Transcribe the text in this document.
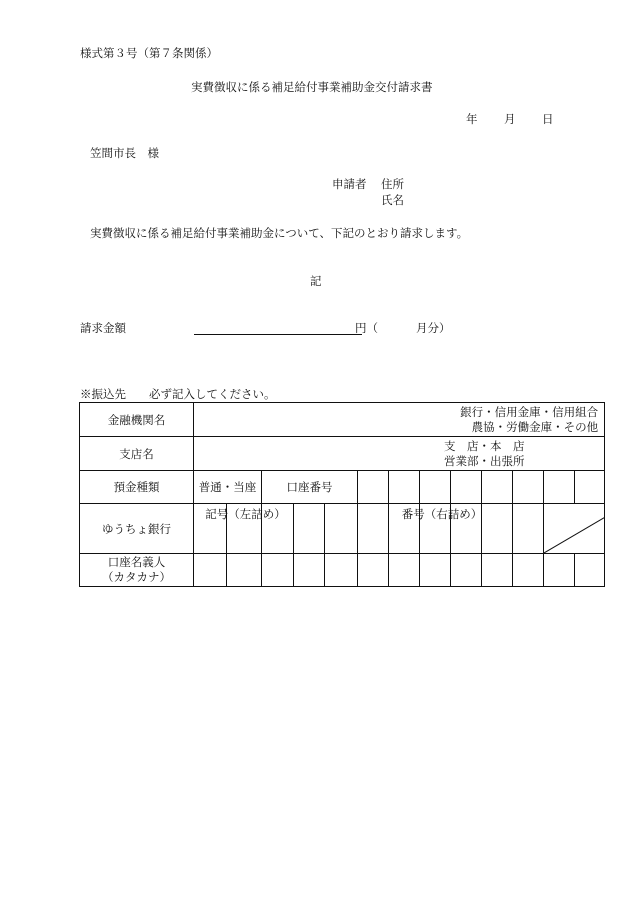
様式第３号（第７条関係）
実費徴収に係る補足給付事業補助金交付請求書
年 月 日
笠間市長　様
申請者 住所
氏名
実費徴収に係る補足給付事業補助金について、下記のとおり請求します。
記
請求金額	円（	月分）
※振込先　　必ず記入してください。
金融機関名	銀行・信用金庫・信用組合
農協・労働金庫・その他												

支店名	支　店・本　店
営業部・出張所												

預金種類	普通・当座		口座番号										
ゆうちょ銀行	記号（左詰め）			番号（右詰め）

口座名義人
（カタカナ）													
